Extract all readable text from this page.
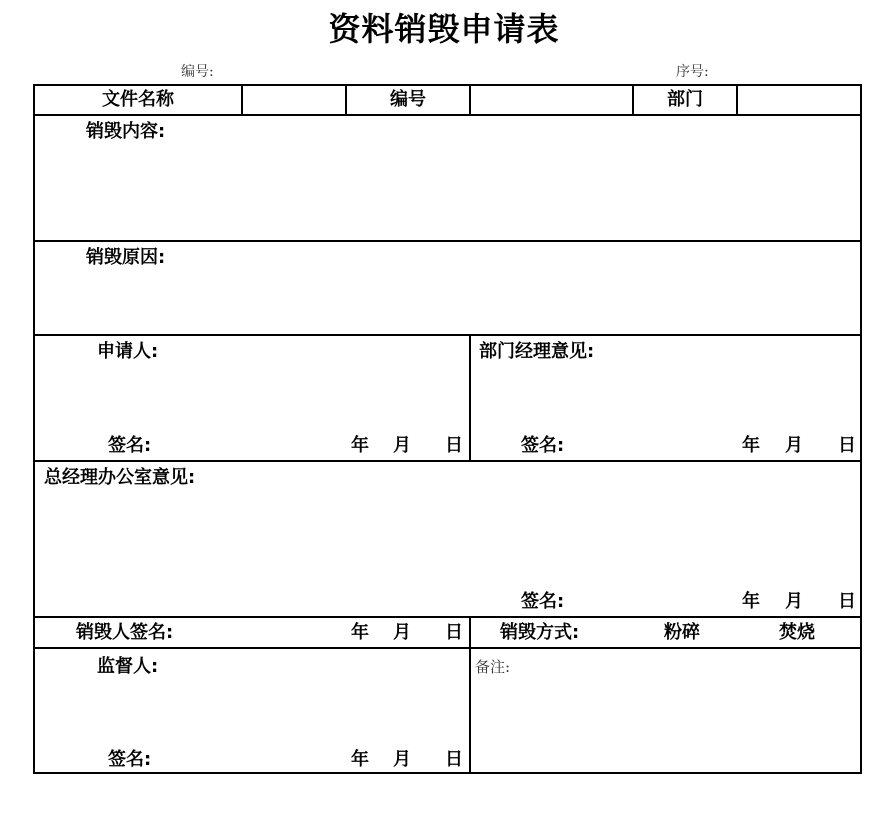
资料销毁申请表
编号:	序号:
文件名称	编号	部门
销毁内容:
销毁原因:
申请人:
签名:	年 月 日
部门经理意见:
签名:	年 月 日
总经理办公室意见:
签名:	年 月 日
销毁人签名:	年 月 日 销毁方式:	粉碎	焚烧
监督人:
签名:	年 月 日
备注:
